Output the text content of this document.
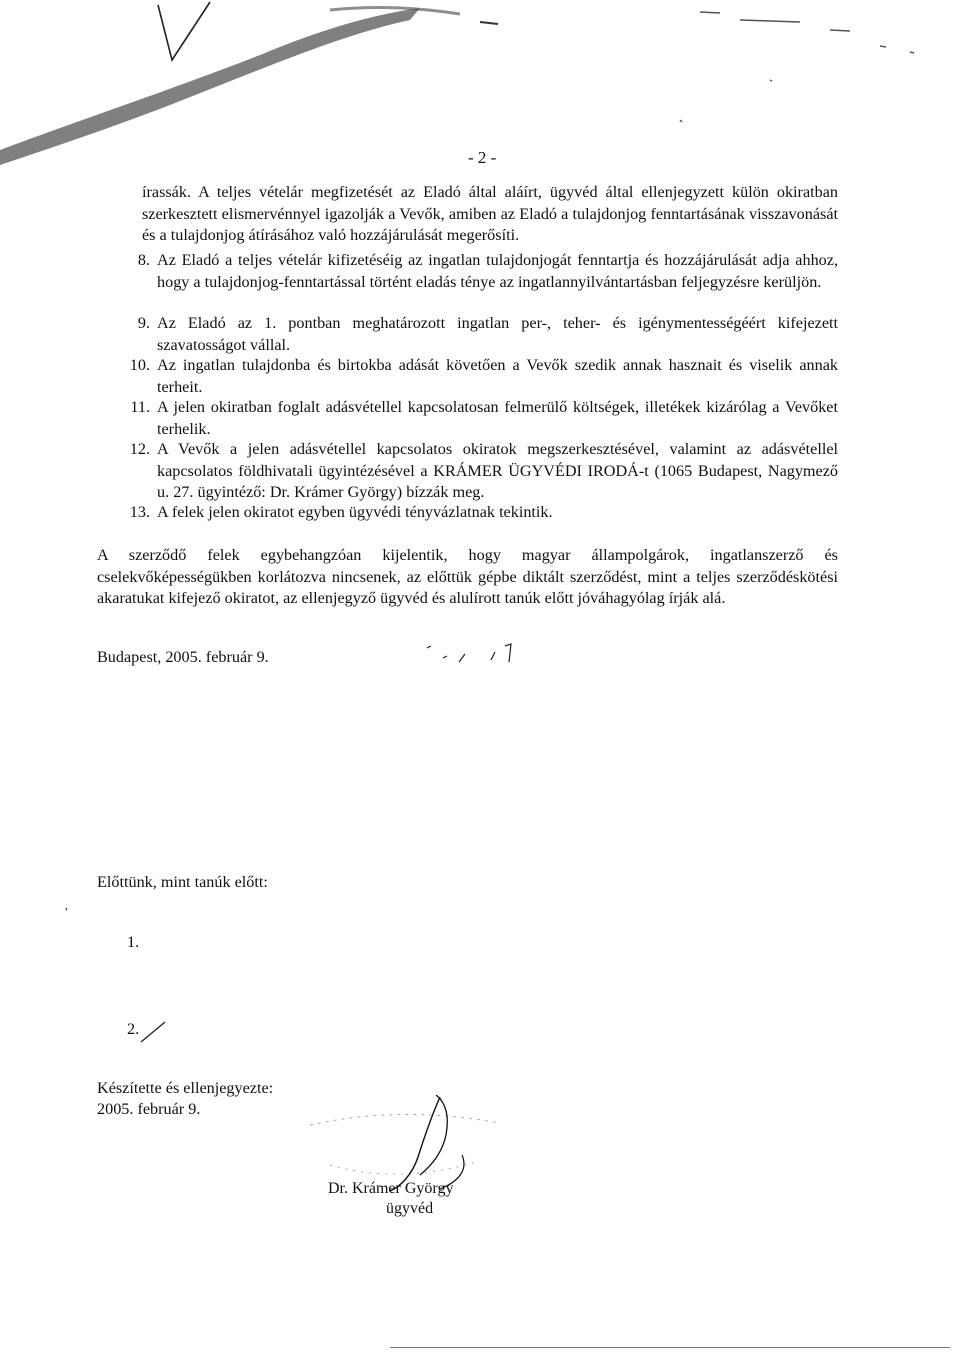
- 2 -
írassák. A teljes vételár megfizetését az Eladó által aláírt, ügyvéd által ellenjegyzett külön okiratban szerkesztett elismervénnyel igazolják a Vevők, amiben az Eladó a tulajdonjog fenntartásának visszavonását és a tulajdonjog átírásához való hozzájárulását megerősíti.
8. Az Eladó a teljes vételár kifizetéséig az ingatlan tulajdonjogát fenntartja és hozzájárulását adja ahhoz, hogy a tulajdonjog-fenntartással történt eladás ténye az ingatlannyilvántartásban feljegyzésre kerüljön.
9. Az Eladó az 1. pontban meghatározott ingatlan per-, teher- és igénymentességéért kifejezett szavatosságot vállal.
10. Az ingatlan tulajdonba és birtokba adását követően a Vevők szedik annak hasznait és viselik annak terheit.
11. A jelen okiratban foglalt adásvétellel kapcsolatosan felmerülő költségek, illetékek kizárólag a Vevőket terhelik.
12. A Vevők a jelen adásvétellel kapcsolatos okiratok megszerkesztésével, valamint az adásvétellel kapcsolatos földhivatali ügyintézésével a KRÁMER ÜGYVÉDI IRODÁ-t (1065 Budapest, Nagymező u. 27. ügyintéző: Dr. Krámer György) bízzák meg.
13. A felek jelen okiratot egyben ügyvédi tényvázlatnak tekintik.
A szerződő felek egybehangzóan kijelentik, hogy magyar állampolgárok, ingatlanszerző és cselekvőképességükben korlátozva nincsenek, az előttük gépbe diktált szerződést, mint a teljes szerződéskötési akaratukat kifejező okiratot, az ellenjegyző ügyvéd és alulírott tanúk előtt jóváhagyólag írják alá.
Budapest, 2005. február 9.
Előttünk, mint tanúk előtt:
,
1.
2.
Készítette és ellenjegyezte:
2005. február 9.
Dr. Krámer György
ügyvéd
